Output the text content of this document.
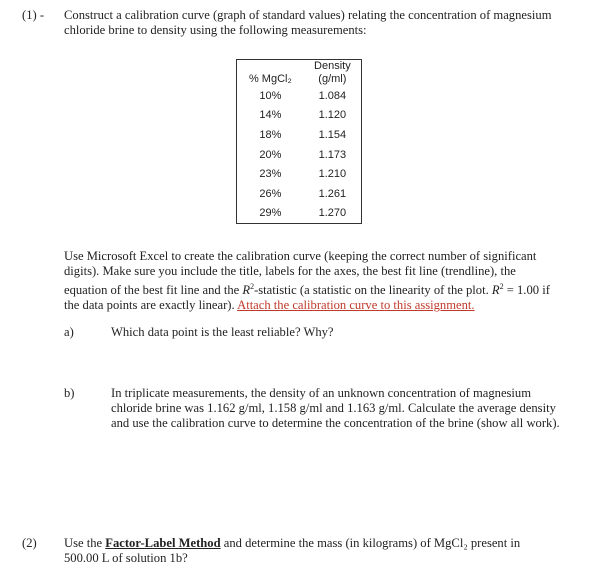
(1) - Construct a calibration curve (graph of standard values) relating the concentration of magnesium
chloride brine to density using the following measurements:
% MgCl₂	Density
(g/ml)

10%	1.084
14%	1.120
18%	1.154
20%	1.173
23%	1.210
26%	1.261
29%	1.270
Use Microsoft Excel to create the calibration curve (keeping the correct number of significant
digits). Make sure you include the title, labels for the axes, the best fit line (trendline), the
equation of the best fit line and the $R^2$-statistic (a statistic on the linearity of the plot. $R^2 = 1.00$ if
the data points are exactly linear). Attach the calibration curve to this assignment.
a)	Which data point is the least reliable? Why?
b)	In triplicate measurements, the density of an unknown concentration of magnesium
chloride brine was 1.162 g/ml, 1.158 g/ml and 1.163 g/ml. Calculate the average density
and use the calibration curve to determine the concentration of the brine (show all work).
(2) Use the Factor-Label Method and determine the mass (in kilograms) of MgCl₂ present in
500.00 L of solution 1b?
